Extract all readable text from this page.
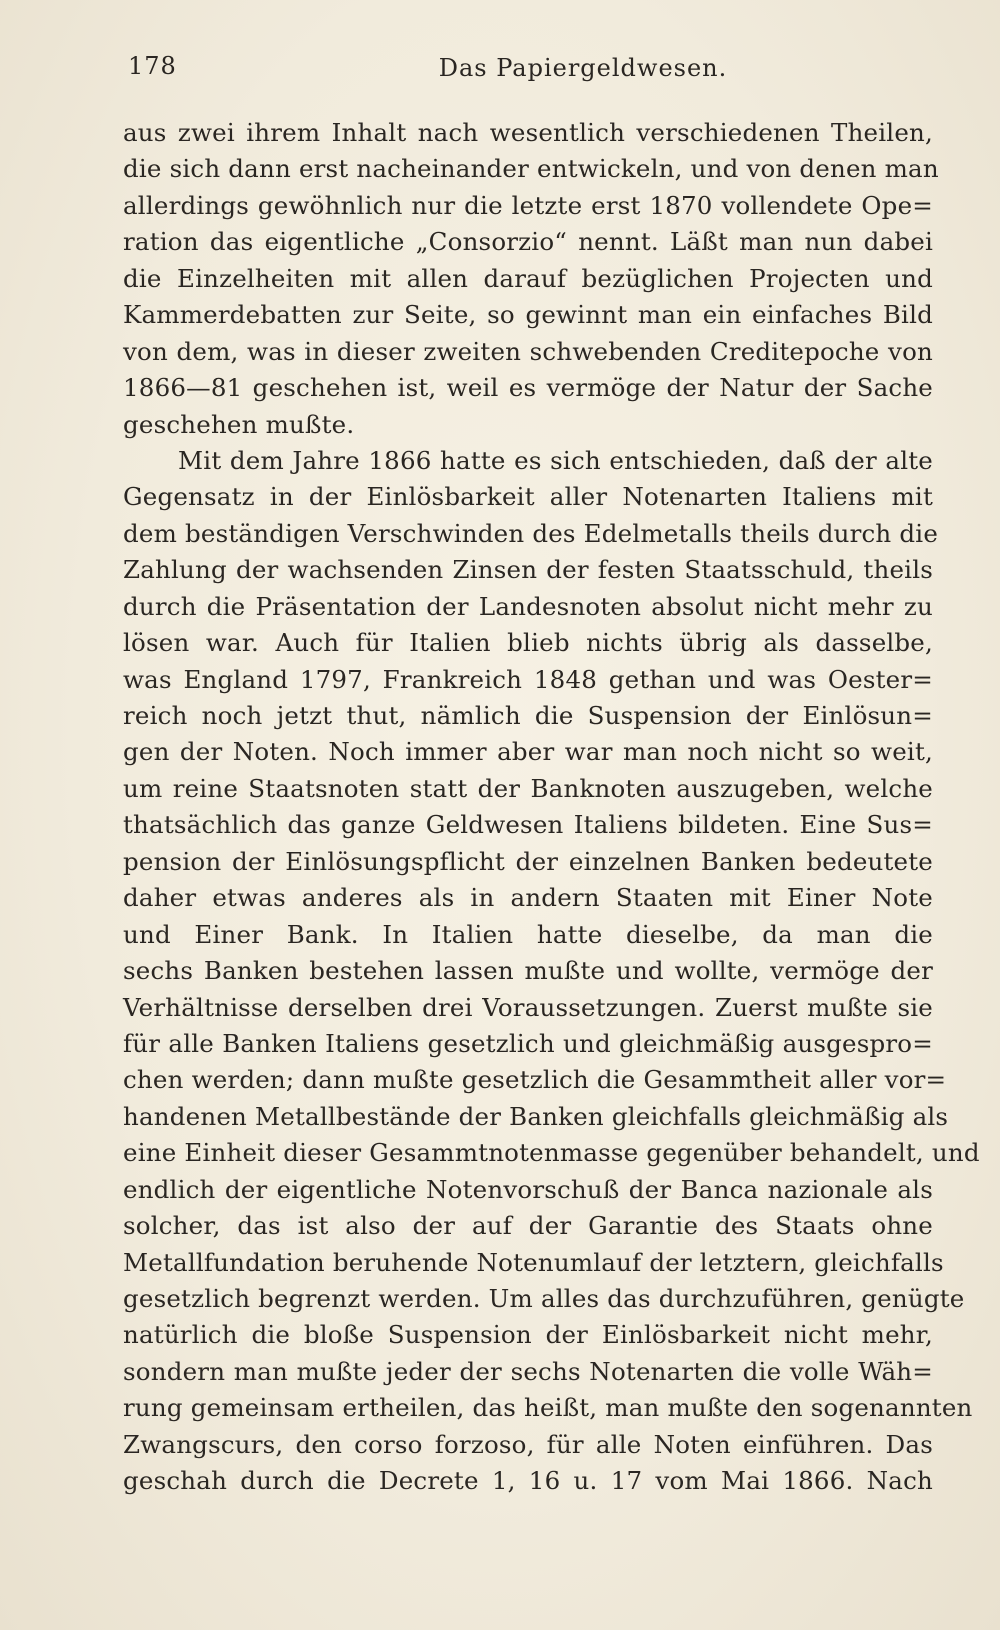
178	Das Papiergeldwesen.
aus zwei ihrem Inhalt nach wesentlich verschiedenen Theilen,
die sich dann erst nacheinander entwickeln, und von denen man
allerdings gewöhnlich nur die letzte erst 1870 vollendete Ope=
ration das eigentliche „Consorzio“ nennt. Läßt man nun dabei
die Einzelheiten mit allen darauf bezüglichen Projecten und
Kammerdebatten zur Seite, so gewinnt man ein einfaches Bild
von dem, was in dieser zweiten schwebenden Creditepoche von
1866—81 geschehen ist, weil es vermöge der Natur der Sache
geschehen mußte.
Mit dem Jahre 1866 hatte es sich entschieden, daß der alte
Gegensatz in der Einlösbarkeit aller Notenarten Italiens mit
dem beständigen Verschwinden des Edelmetalls theils durch die
Zahlung der wachsenden Zinsen der festen Staatsschuld, theils
durch die Präsentation der Landesnoten absolut nicht mehr zu
lösen war. Auch für Italien blieb nichts übrig als dasselbe,
was England 1797, Frankreich 1848 gethan und was Oester=
reich noch jetzt thut, nämlich die Suspension der Einlösun=
gen der Noten. Noch immer aber war man noch nicht so weit,
um reine Staatsnoten statt der Banknoten auszugeben, welche
thatsächlich das ganze Geldwesen Italiens bildeten. Eine Sus=
pension der Einlösungspflicht der einzelnen Banken bedeutete
daher etwas anderes als in andern Staaten mit Einer Note
und Einer Bank. In Italien hatte dieselbe, da man die
sechs Banken bestehen lassen mußte und wollte, vermöge der
Verhältnisse derselben drei Voraussetzungen. Zuerst mußte sie
für alle Banken Italiens gesetzlich und gleichmäßig ausgespro=
chen werden; dann mußte gesetzlich die Gesammtheit aller vor=
handenen Metallbestände der Banken gleichfalls gleichmäßig als
eine Einheit dieser Gesammtnotenmasse gegenüber behandelt, und
endlich der eigentliche Notenvorschuß der Banca nazionale als
solcher, das ist also der auf der Garantie des Staats ohne
Metallfundation beruhende Notenumlauf der letztern, gleichfalls
gesetzlich begrenzt werden. Um alles das durchzuführen, genügte
natürlich die bloße Suspension der Einlösbarkeit nicht mehr,
sondern man mußte jeder der sechs Notenarten die volle Wäh=
rung gemeinsam ertheilen, das heißt, man mußte den sogenannten
Zwangscurs, den corso forzoso, für alle Noten einführen. Das
geschah durch die Decrete 1, 16 u. 17 vom Mai 1866. Nach
